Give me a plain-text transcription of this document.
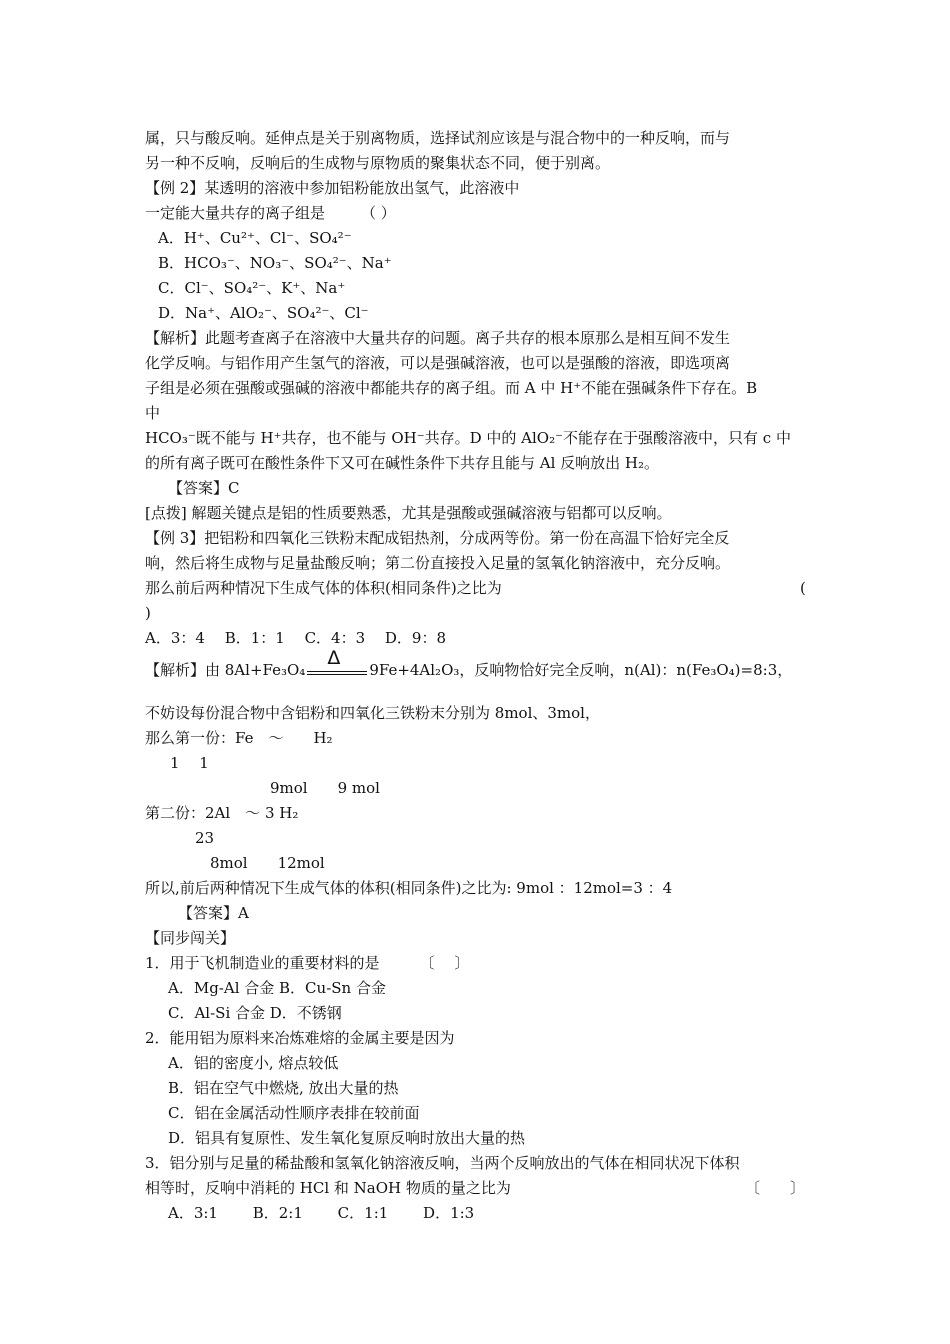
属，只与酸反响。延伸点是关于别离物质，选择试剂应该是与混合物中的一种反响，而与
另一种不反响，反响后的生成物与原物质的聚集状态不同，便于别离。
【例 2】某透明的溶液中参加铝粉能放出氢气，此溶液中
一定能大量共存的离子组是 （ ）
A．H⁺、Cu²⁺、Cl⁻、SO₄²⁻
B．HCO₃⁻、NO₃⁻、SO₄²⁻、Na⁺
C．Cl⁻、SO₄²⁻、K⁺、Na⁺
D．Na⁺、AlO₂⁻、SO₄²⁻、Cl⁻
【解析】此题考查离子在溶液中大量共存的问题。离子共存的根本原那么是相互间不发生
化学反响。与铝作用产生氢气的溶液，可以是强碱溶液，也可以是强酸的溶液，即选项离
子组是必须在强酸或强碱的溶液中都能共存的离子组。而 A 中 H⁺不能在强碱条件下存在。B
中
HCO₃⁻既不能与 H⁺共存，也不能与 OH⁻共存。D 中的 AlO₂⁻不能存在于强酸溶液中，只有 c 中
的所有离子既可在酸性条件下又可在碱性条件下共存且能与 Al 反响放出 H₂。
【答案】C
[点拨] 解题关键点是铝的性质要熟悉，尤其是强酸或强碱溶液与铝都可以反响。
【例 3】把铝粉和四氧化三铁粉末配成铝热剂，分成两等份。第一份在高温下恰好完全反
响，然后将生成物与足量盐酸反响；第二份直接投入足量的氢氧化钠溶液中，充分反响。
那么前后两种情况下生成气体的体积(相同条件)之比为	(
)
A．3：4　 B．1：1　 C．4：3　 D．9：8
【解析】由 8Al+Fe₃O₄
Δ
9Fe+4Al₂O₃，反响物恰好完全反响，n(Al)：n(Fe₃O₄)=8:3，
不妨设每份混合物中含铝粉和四氧化三铁粉末分别为 8mol、3mol，
那么第一份：Fe　～　　H₂
1　 1
9mol　　9 mol
第二份：2Al　～ 3 H₂
23
8mol　　12mol
所以,前后两种情况下生成气体的体积(相同条件)之比为: 9mol ：12mol=3 ：4
【答案】A
【同步闯关】
1．用于飞机制造业的重要材料的是	〔　 〕
A．Mg-Al 合金 B．Cu-Sn 合金
C．Al-Si 合金 D．不锈钢
2．能用铝为原料来冶炼难熔的金属主要是因为
A．铝的密度小, 熔点较低
B．铝在空气中燃烧, 放出大量的热
C．铝在金属活动性顺序表排在较前面
D．铝具有复原性、发生氧化复原反响时放出大量的热
3．铝分别与足量的稀盐酸和氢氧化钠溶液反响，当两个反响放出的气体在相同状况下体积
相等时，反响中消耗的 HCl 和 NaOH 物质的量之比为	〔　　〕
A．3:1　　 B．2:1　　 C．1:1　　 D．1:3
